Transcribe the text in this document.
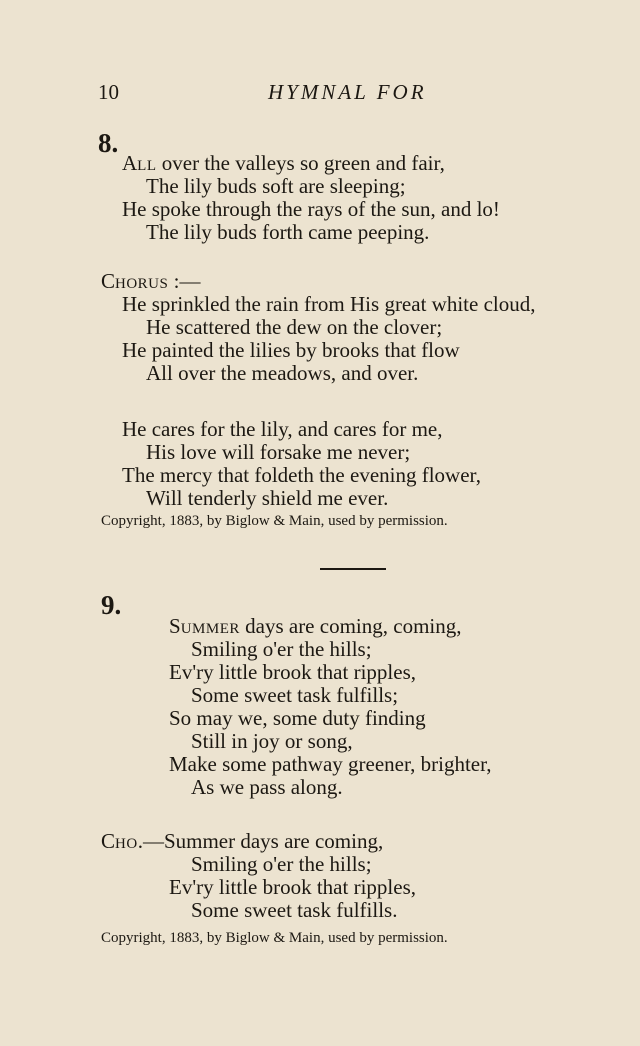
10	HYMNAL FOR
8.
ALL over the valleys so green and fair,
The lily buds soft are sleeping;
He spoke through the rays of the sun, and lo!
The lily buds forth came peeping.
CHORUS :—
He sprinkled the rain from His great white cloud,
He scattered the dew on the clover;
He painted the lilies by brooks that flow
All over the meadows, and over.
He cares for the lily, and cares for me,
His love will forsake me never;
The mercy that foldeth the evening flower,
Will tenderly shield me ever.
Copyright, 1883, by Biglow & Main, used by permission.
9.
SUMMER days are coming, coming,
Smiling o'er the hills;
Ev'ry little brook that ripples,
Some sweet task fulfills;
So may we, some duty finding
Still in joy or song,
Make some pathway greener, brighter,
As we pass along.
CHO.—Summer days are coming,
Smiling o'er the hills;
Ev'ry little brook that ripples,
Some sweet task fulfills.
Copyright, 1883, by Biglow & Main, used by permission.
